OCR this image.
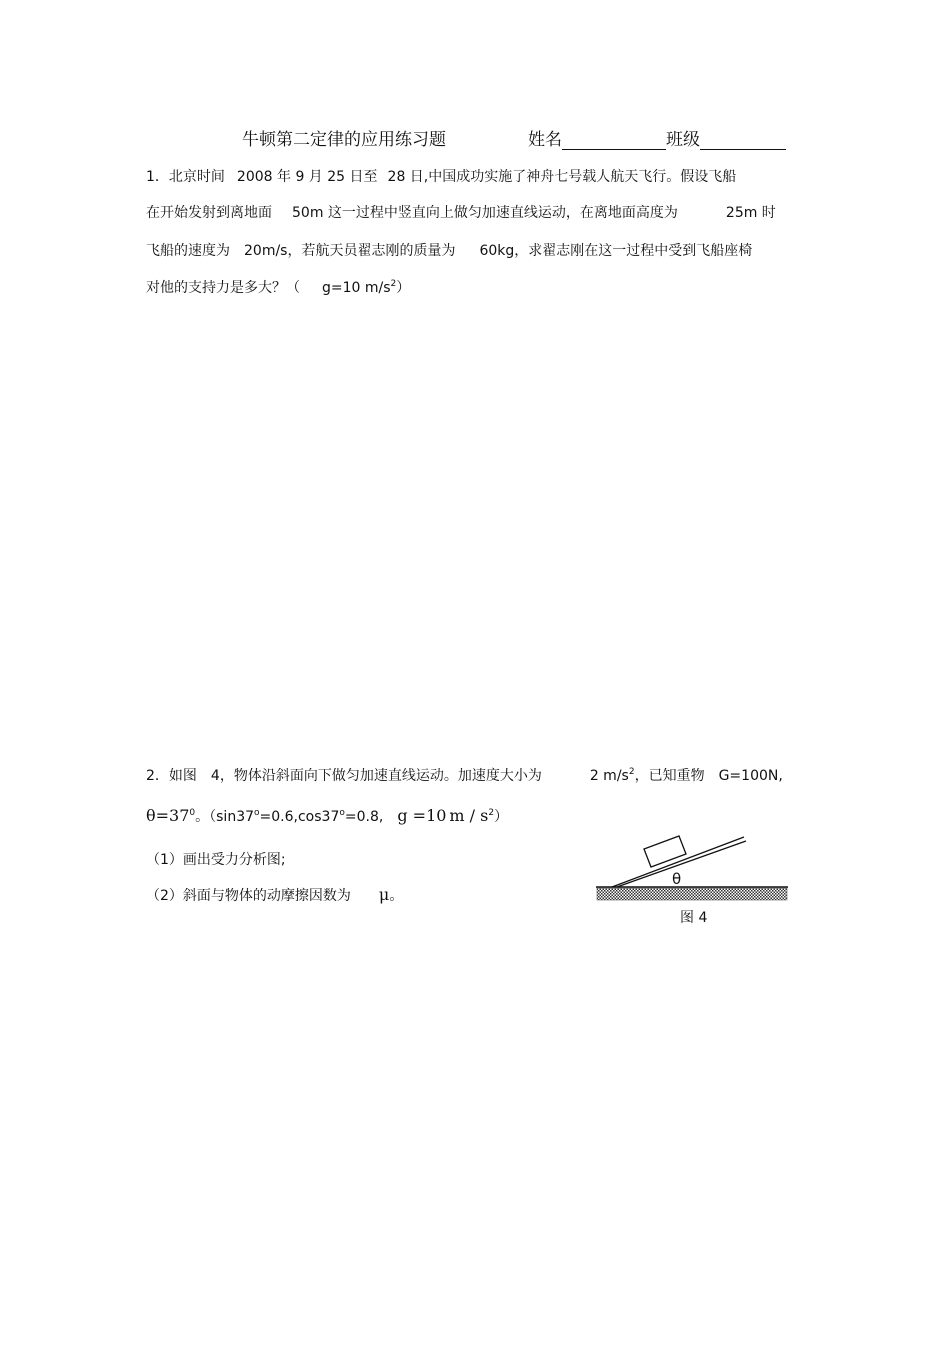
牛顿第二定律的应用练习题	姓名	班级
1．北京时间 2008 年 9 月 25 日至 28 日,中国成功实施了神舟七号载人航天飞行。假设飞船
在开始发射到离地面 50m 这一过程中竖直向上做匀加速直线运动，在离地面高度为	25m 时
飞船的速度为 20m/s，若航天员翟志刚的质量为 60kg，求翟志刚在这一过程中受到飞船座椅
对他的支持力是多大？（ g=10 $m/s^2$）
2．如图 4，物体沿斜面向下做匀加速直线运动。加速度大小为	2 $m/s^2$，已知重物 G=100N,
$\theta=37^0$。（$\sin 37^o=0.6,\cos 37^o=0.8$, g =10 m / $s^2$）
（1）画出受力分析图;
（2）斜面与物体的动摩擦因数为 μ。
θ
图 4
